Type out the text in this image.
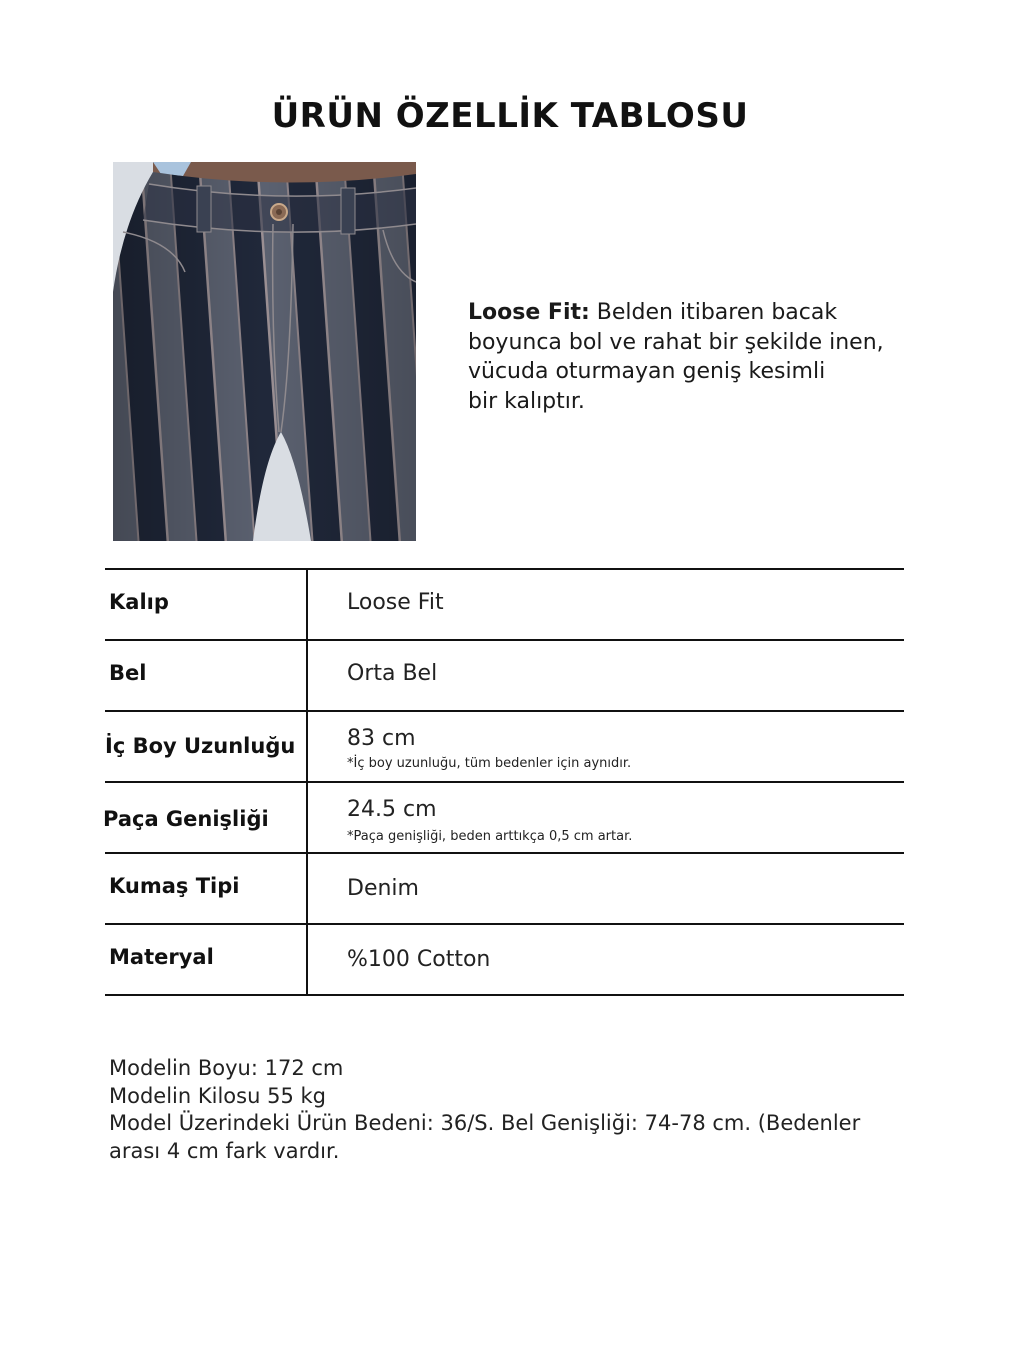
ÜRÜN ÖZELLİK TABLOSU
Loose Fit: Belden itibaren bacak
boyunca bol ve rahat bir şekilde inen,
vücuda oturmayan geniş kesimli
bir kalıptır.
Kalıp	Loose Fit
Bel	Orta Bel
İç Boy Uzunluğu 83 cm
*İç boy uzunluğu, tüm bedenler için aynıdır.
Paça Genişliği	24.5 cm
*Paça genişliği, beden arttıkça 0,5 cm artar.
Kumaş Tipi	Denim
Materyal	%100 Cotton
Modelin Boyu: 172 cm
Modelin Kilosu 55 kg
Model Üzerindeki Ürün Bedeni: 36/S. Bel Genişliği: 74-78 cm. (Bedenler
arası 4 cm fark vardır.
